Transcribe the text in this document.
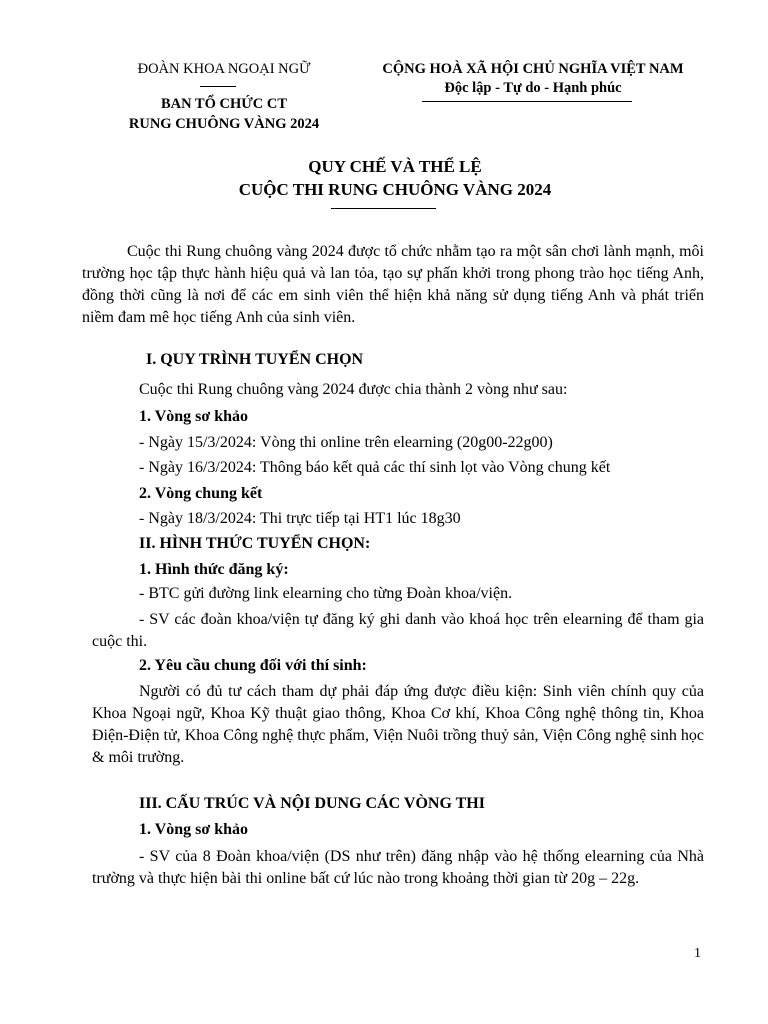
ĐOÀN KHOA NGOẠI NGỮ
BAN TỔ CHỨC CT
RUNG CHUÔNG VÀNG 2024
CỘNG HOÀ XÃ HỘI CHỦ NGHĨA VIỆT NAM
Độc lập - Tự do - Hạnh phúc
QUY CHẾ VÀ THỂ LỆ
CUỘC THI RUNG CHUÔNG VÀNG 2024
Cuộc thi Rung chuông vàng 2024 được tổ chức nhằm tạo ra một sân chơi lành mạnh, môi trường học tập thực hành hiệu quả và lan tỏa, tạo sự phấn khởi trong phong trào học tiếng Anh, đồng thời cũng là nơi để các em sinh viên thể hiện khả năng sử dụng tiếng Anh và phát triển niềm đam mê học tiếng Anh của sinh viên.
I. QUY TRÌNH TUYỂN CHỌN
Cuộc thi Rung chuông vàng 2024 được chia thành 2 vòng như sau:
1. Vòng sơ khảo
- Ngày 15/3/2024: Vòng thi online trên elearning (20g00-22g00)
- Ngày 16/3/2024: Thông báo kết quả các thí sinh lọt vào Vòng chung kết
2. Vòng chung kết
- Ngày 18/3/2024: Thi trực tiếp tại HT1 lúc 18g30
II. HÌNH THỨC TUYỂN CHỌN:
1. Hình thức đăng ký:
- BTC gửi đường link elearning cho từng Đoàn khoa/viện.
- SV các đoàn khoa/viện tự đăng ký ghi danh vào khoá học trên elearning để tham gia cuộc thi.
2. Yêu cầu chung đối với thí sinh:
Người có đủ tư cách tham dự phải đáp ứng được điều kiện: Sinh viên chính quy của Khoa Ngoại ngữ, Khoa Kỹ thuật giao thông, Khoa Cơ khí, Khoa Công nghệ thông tin, Khoa Điện-Điện tử, Khoa Công nghệ thực phẩm, Viện Nuôi trồng thuỷ sản, Viện Công nghệ sinh học & môi trường.
III. CẤU TRÚC VÀ NỘI DUNG CÁC VÒNG THI
1. Vòng sơ khảo
- SV của 8 Đoàn khoa/viện (DS như trên) đăng nhập vào hệ thống elearning của Nhà trường và thực hiện bài thi online bất cứ lúc nào trong khoảng thời gian từ 20g – 22g.
1
